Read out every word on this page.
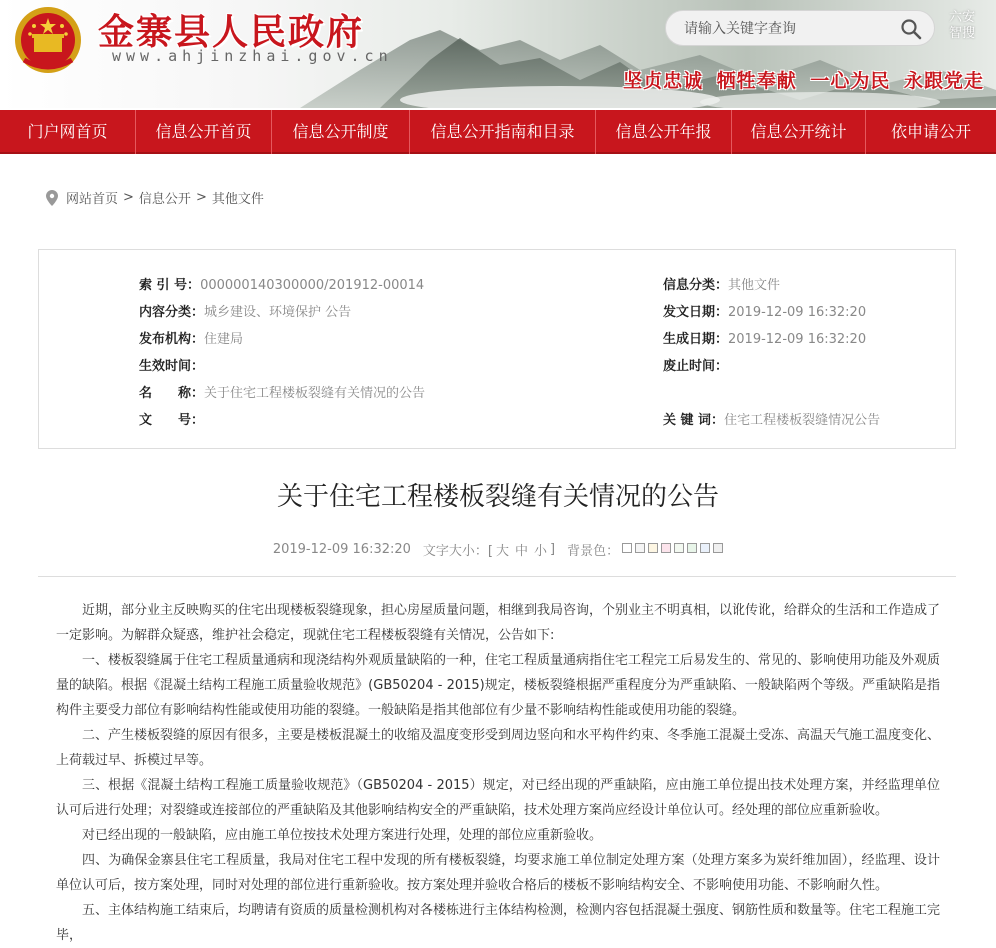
金寨县人民政府
www.ahjinzhai.gov.cn
请输入关键字查询
六安
智搜
坚贞忠诚 牺牲奉献 一心为民 永跟党走
门户网首页	信息公开首页	信息公开制度	信息公开指南和目录	信息公开年报	信息公开统计	依申请公开
网站首页 > 信息公开 > 其他文件
索 引 号：000000140300000/201912-00014	信息分类：其他文件
内容分类：城乡建设、环境保护 公告	发文日期：2019-12-09 16:32:20
发布机构：住建局	生成日期：2019-12-09 16:32:20
生效时间：	废止时间：
名　　称：关于住宅工程楼板裂缝有关情况的公告
文　　号：	关 键 词：住宅工程楼板裂缝情况公告
关于住宅工程楼板裂缝有关情况的公告
2019-12-09 16:32:20 文字大小：[ 大 中 小 ] 背景色：

近期，部分业主反映购买的住宅出现楼板裂缝现象，担心房屋质量问题，相继到我局咨询，个别业主不明真相，以讹传讹，给群众的生活和工作造成了一定影响。为解群众疑惑，维护社会稳定，现就住宅工程楼板裂缝有关情况，公告如下:

一、楼板裂缝属于住宅工程质量通病和现浇结构外观质量缺陷的一种，住宅工程质量通病指住宅工程完工后易发生的、常见的、影响使用功能及外观质量的缺陷。根据《混凝土结构工程施工质量验收规范》(GB50204 - 2015)规定，楼板裂缝根据严重程度分为严重缺陷、一般缺陷两个等级。严重缺陷是指构件主要受力部位有影响结构性能或使用功能的裂缝。一般缺陷是指其他部位有少量不影响结构性能或使用功能的裂缝。

二、产生楼板裂缝的原因有很多，主要是楼板混凝土的收缩及温度变形受到周边竖向和水平构件约束、冬季施工混凝土受冻、高温天气施工温度变化、上荷载过早、拆模过早等。

三、根据《混凝土结构工程施工质量验收规范》（GB50204 - 2015）规定，对已经出现的严重缺陷，应由施工单位提出技术处理方案，并经监理单位认可后进行处理；对裂缝或连接部位的严重缺陷及其他影响结构安全的严重缺陷，技术处理方案尚应经设计单位认可。经处理的部位应重新验收。

对已经出现的一般缺陷，应由施工单位按技术处理方案进行处理，处理的部位应重新验收。

四、为确保金寨县住宅工程质量，我局对住宅工程中发现的所有楼板裂缝，均要求施工单位制定处理方案（处理方案多为炭纤维加固），经监理、设计单位认可后，按方案处理，同时对处理的部位进行重新验收。按方案处理并验收合格后的楼板不影响结构安全、不影响使用功能、不影响耐久性。

五、主体结构施工结束后，均聘请有资质的质量检测机构对各楼栋进行主体结构检测，检测内容包括混凝土强度、钢筋性质和数量等。住宅工程施工完毕，
